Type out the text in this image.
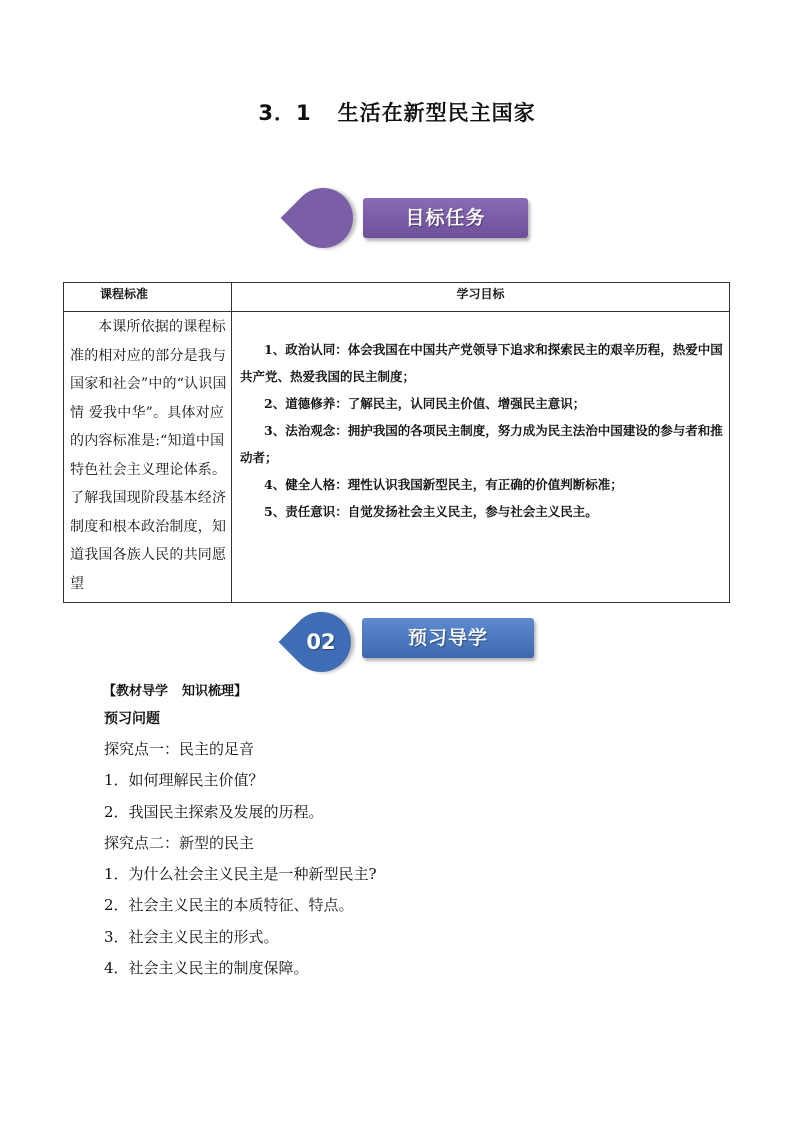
3．1 生活在新型民主国家
目标任务
课程标准	学习目标
本课所依据的课程标准的相对应的部分是我与国家和社会”中的“认识国情 爱我中华”。具体对应的内容标准是:“知道中国特色社会主义理论体系。了解我国现阶段基本经济制度和根本政治制度，知道我国各族人民的共同愿望	1、政治认同：体会我国在中国共产党领导下追求和探索民主的艰辛历程，热爱中国共产党、热爱我国的民主制度；

2、道德修养：了解民主，认同民主价值、增强民主意识；

3、法治观念：拥护我国的各项民主制度，努力成为民主法治中国建设的参与者和推动者；

4、健全人格：理性认识我国新型民主，有正确的价值判断标准；

5、责任意识：自觉发扬社会主义民主，参与社会主义民主。

02	预习导学
【教材导学 知识梳理】
预习问题
探究点一：民主的足音
1．如何理解民主价值？
2．我国民主探索及发展的历程。
探究点二：新型的民主
1．为什么社会主义民主是一种新型民主?
2．社会主义民主的本质特征、特点。
3．社会主义民主的形式。
4．社会主义民主的制度保障。
